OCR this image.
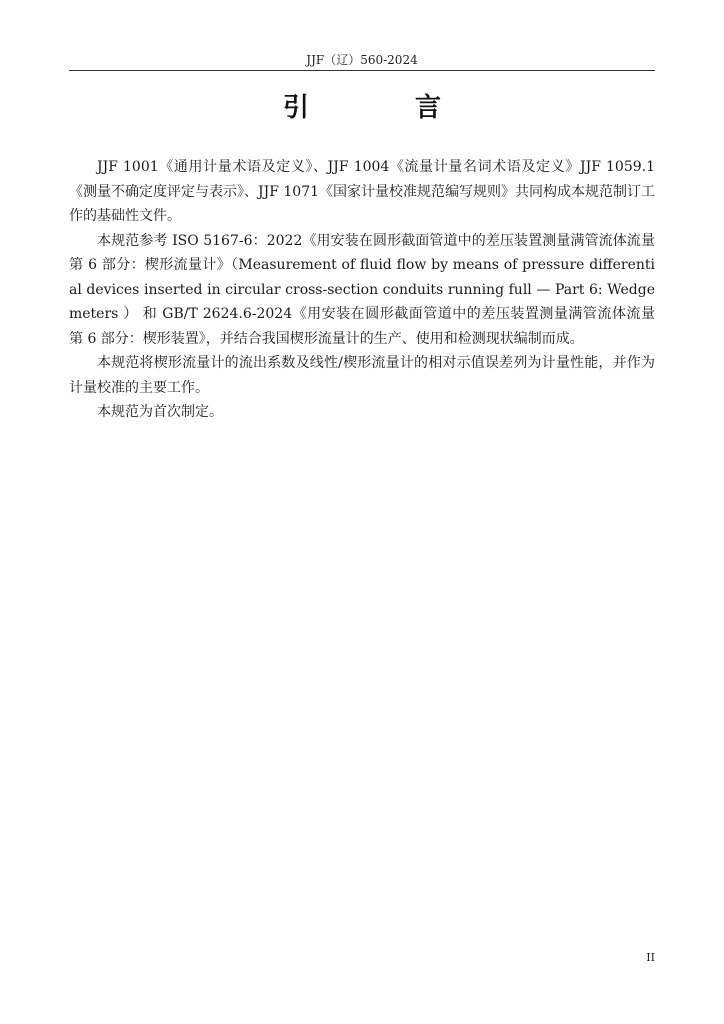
JJF（辽）560-2024
引　言

JJF 1001《通用计量术语及定义》、JJF 1004《流量计量名词术语及定义》JJF 1059.1《测量不确定度评定与表示》、JJF 1071《国家计量校准规范编写规则》共同构成本规范制订工作的基础性文件。

本规范参考 ISO 5167-6：2022《用安装在圆形截面管道中的差压装置测量满管流体流量 第 6 部分：楔形流量计》（Measurement of fluid flow by means of pressure differential devices inserted in circular cross-section conduits running full — Part 6: Wedge meters ） 和 GB/T 2624.6-2024《用安装在圆形截面管道中的差压装置测量满管流体流量 第 6 部分：楔形装置》，并结合我国楔形流量计的生产、使用和检测现状编制而成。

本规范将楔形流量计的流出系数及线性/楔形流量计的相对示值误差列为计量性能，并作为计量校准的主要工作。

本规范为首次制定。

II
